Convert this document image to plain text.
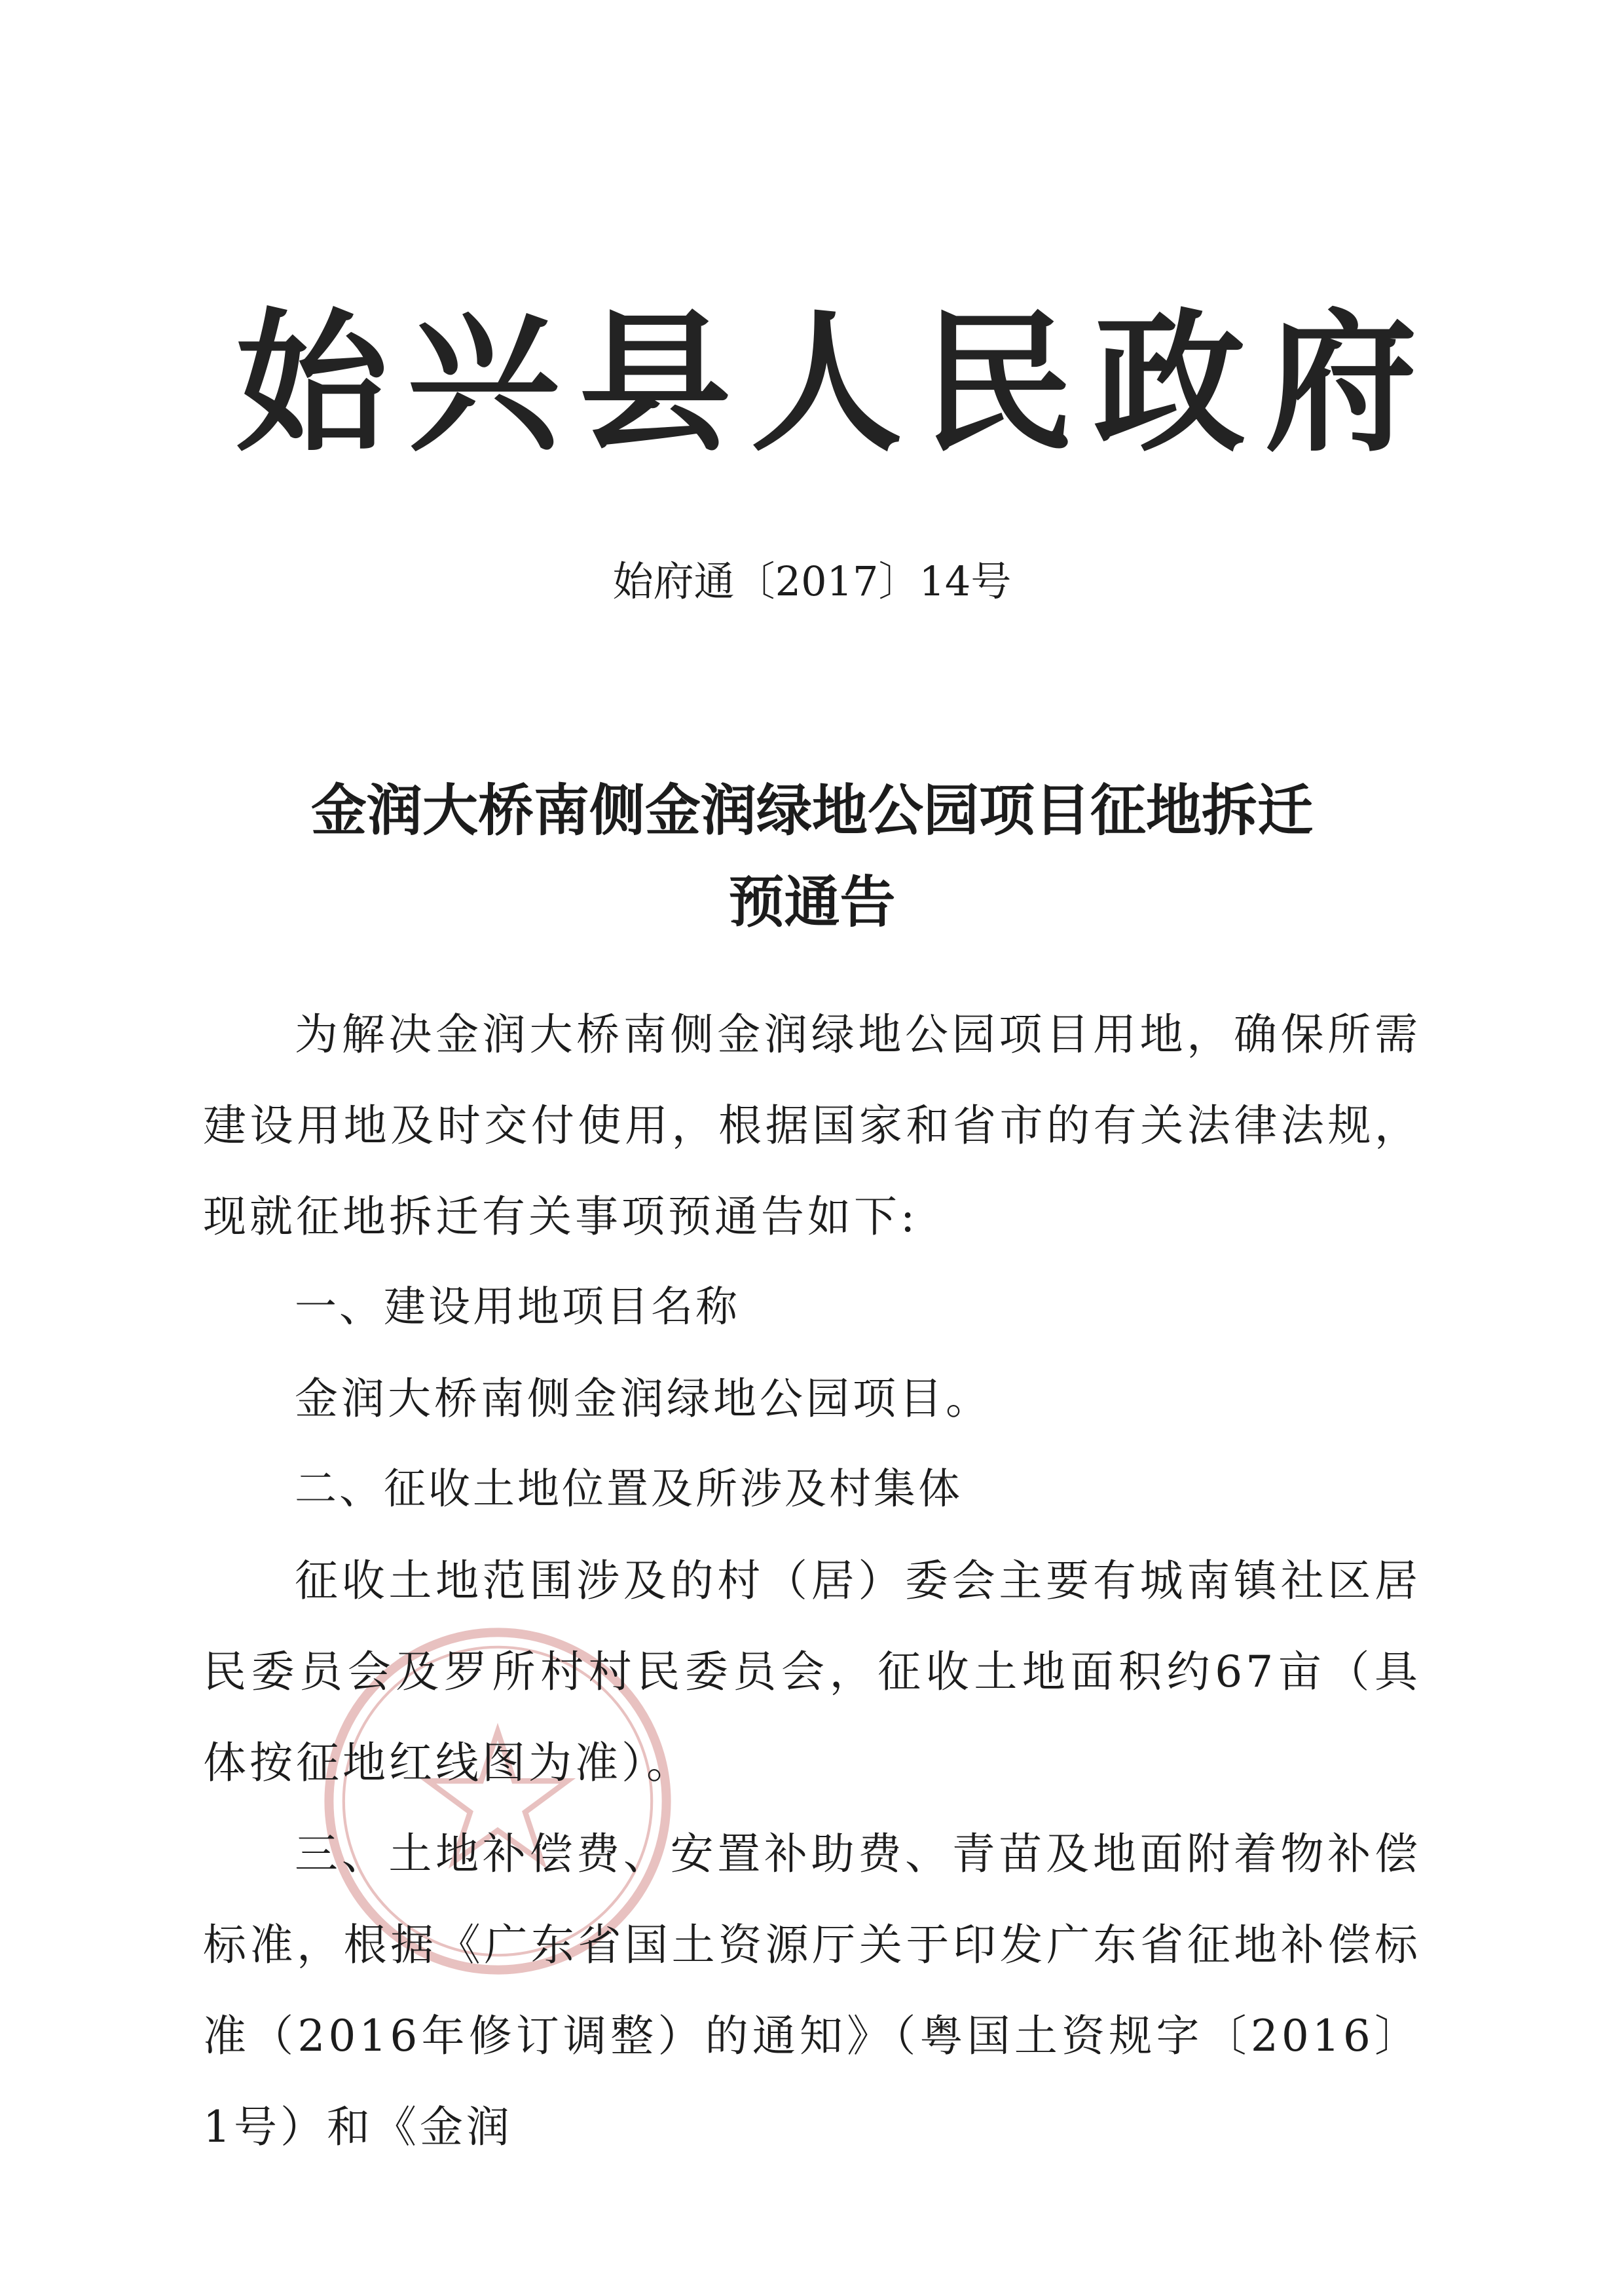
始兴县人民政府
始府通〔2017〕14号
金润大桥南侧金润绿地公园项目征地拆迁
预通告

为解决金润大桥南侧金润绿地公园项目用地，确保所需建设用地及时交付使用，根据国家和省市的有关法律法规，现就征地拆迁有关事项预通告如下:

一、建设用地项目名称

金润大桥南侧金润绿地公园项目。

二、征收土地位置及所涉及村集体

征收土地范围涉及的村（居）委会主要有城南镇社区居民委员会及罗所村村民委员会，征收土地面积约67亩（具体按征地红线图为准）。

三、土地补偿费、安置补助费、青苗及地面附着物补偿标准，根据《广东省国土资源厅关于印发广东省征地补偿标准（2016年修订调整）的通知》（粤国土资规字〔2016〕1号）和《金润
